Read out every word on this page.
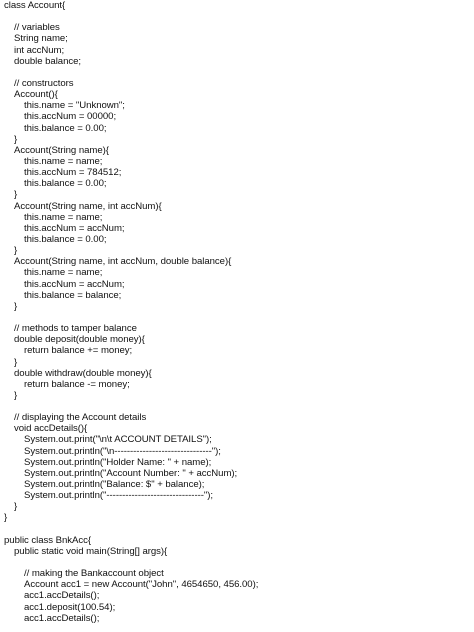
class Account{
// variables
String name;
int accNum;
double balance;
// constructors
Account(){
this.name = "Unknown";
this.accNum = 00000;
this.balance = 0.00;
}
Account(String name){
this.name = name;
this.accNum = 784512;
this.balance = 0.00;
}
Account(String name, int accNum){
this.name = name;
this.accNum = accNum;
this.balance = 0.00;
}
Account(String name, int accNum, double balance){
this.name = name;
this.accNum = accNum;
this.balance = balance;
}
// methods to tamper balance
double deposit(double money){
return balance += money;
}
double withdraw(double money){
return balance -= money;
}
// displaying the Account details
void accDetails(){
System.out.print("\n\t ACCOUNT DETAILS");
System.out.println("\n-------------------------------");
System.out.println("Holder Name: " + name);
System.out.println("Account Number: " + accNum);
System.out.println("Balance: $" + balance);
System.out.println("-------------------------------");
}
}
public class BnkAcc{
public static void main(String[] args){
// making the Bankaccount object
Account acc1 = new Account("John", 4654650, 456.00);
acc1.accDetails();
acc1.deposit(100.54);
acc1.accDetails();
